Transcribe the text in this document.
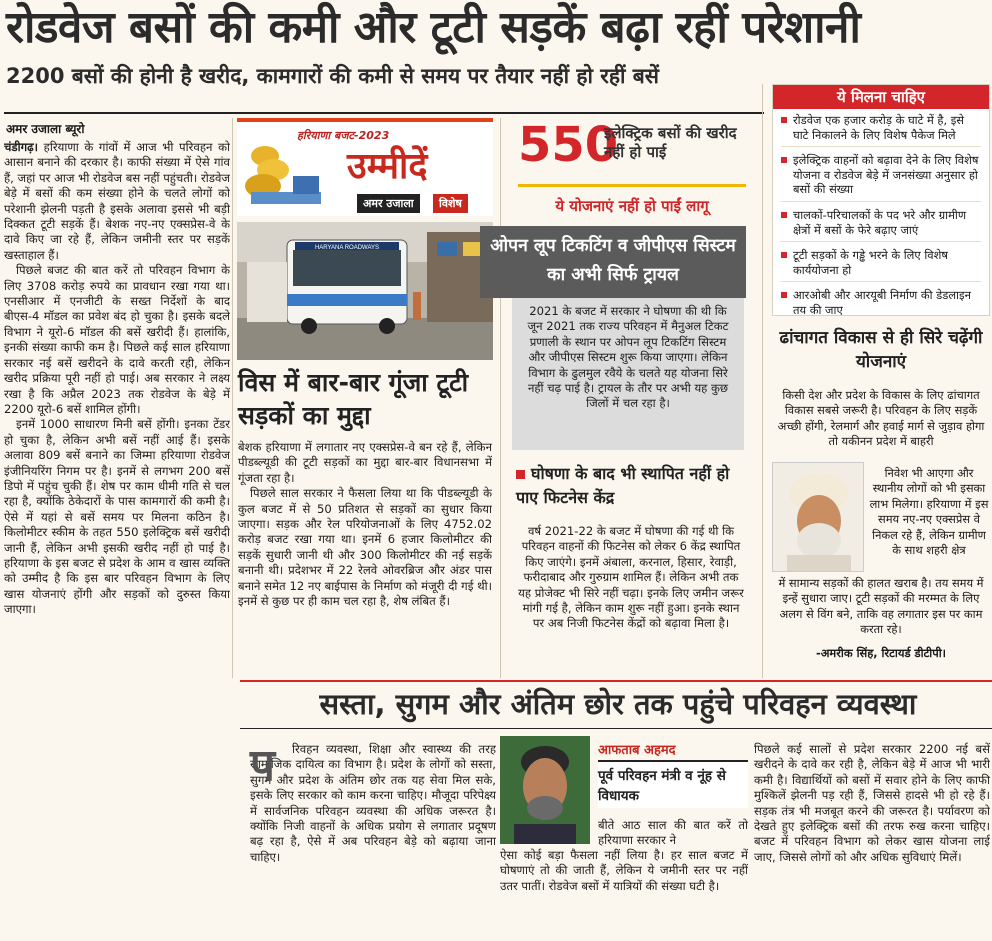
रोडवेज बसों की कमी और टूटी सड़कें बढ़ा रहीं परेशानी
2200 बसों की होनी है खरीद, कामगारों की कमी से समय पर तैयार नहीं हो रहीं बसें
अमर उजाला ब्यूरो

चंडीगढ़। हरियाणा के गांवों में आज भी परिवहन को आसान बनाने की दरकार है। काफी संख्या में ऐसे गांव हैं, जहां पर आज भी रोडवेज बस नहीं पहुंचती। रोडवेज बेड़े में बसों की कम संख्या होने के चलते लोगों को परेशानी झेलनी पड़ती है इसके अलावा इससे भी बड़ी दिक्कत टूटी सड़कें हैं। बेशक नए-नए एक्सप्रेस-वे के दावे किए जा रहे हैं, लेकिन जमीनी स्तर पर सड़कें खस्ताहाल हैं।

पिछले बजट की बात करें तो परिवहन विभाग के लिए 3708 करोड़ रुपये का प्रावधान रखा गया था। एनसीआर में एनजीटी के सख्त निर्देशों के बाद बीएस-4 मॉडल का प्रवेश बंद हो चुका है। इसके बदले विभाग ने यूरो-6 मॉडल की बसें खरीदी हैं। हालांकि, इनकी संख्या काफी कम है। पिछले कई साल हरियाणा सरकार नई बसें खरीदने के दावे करती रही, लेकिन खरीद प्रक्रिया पूरी नहीं हो पाई। अब सरकार ने लक्ष्य रखा है कि अप्रैल 2023 तक रोडवेज के बेड़े में 2200 यूरो-6 बसें शामिल होंगी।

इनमें 1000 साधारण मिनी बसें होंगी। इनका टेंडर हो चुका है, लेकिन अभी बसें नहीं आई हैं। इसके अलावा 809 बसें बनाने का जिम्मा हरियाणा रोडवेज इंजीनियरिंग निगम पर है। इनमें से लगभग 200 बसें डिपो में पहुंच चुकी हैं। शेष पर काम धीमी गति से चल रहा है, क्योंकि ठेकेदारों के पास कामगारों की कमी है। ऐसे में यहां से बसें समय पर मिलना कठिन है। किलोमीटर स्कीम के तहत 550 इलेक्ट्रिक बसें खरीदी जानी हैं, लेकिन अभी इसकी खरीद नहीं हो पाई है। हरियाणा के इस बजट से प्रदेश के आम व खास व्यक्ति को उम्मीद है कि इस बार परिवहन विभाग के लिए खास योजनाएं होंगी और सड़कों को दुरुस्त किया जाएगा।

हरियाणा बजट-2023
उम्मीदें
अमर उजाला	विशेष
HARYANA ROADWAYS
विस में बार-बार गूंजा टूटी सड़कों का मुद्दा

बेशक हरियाणा में लगातार नए एक्सप्रेस-वे बन रहे हैं, लेकिन पीडब्ल्यूडी की टूटी सड़कों का मुद्दा बार-बार विधानसभा में गूंजता रहा है।

पिछले साल सरकार ने फैसला लिया था कि पीडब्ल्यूडी के कुल बजट में से 50 प्रतिशत से सड़कों का सुधार किया जाएगा। सड़क और रेल परियोजनाओं के लिए 4752.02 करोड़ बजट रखा गया था। इनमें 6 हजार किलोमीटर की सड़कें सुधारी जानी थी और 300 किलोमीटर की नई सड़कें बनानी थी। प्रदेशभर में 22 रेलवे ओवरब्रिज और अंडर पास बनाने समेत 12 नए बाईपास के निर्माण को मंजूरी दी गई थी। इनमें से कुछ पर ही काम चल रहा है, शेष लंबित हैं।

550
इलेक्ट्रिक बसों की खरीद नहीं हो पाई
ये योजनाएं नहीं हो पाईं लागू
ओपन लूप टिकटिंग व जीपीएस सिस्टम का अभी सिर्फ ट्रायल
2021 के बजट में सरकार ने घोषणा की थी कि जून 2021 तक राज्य परिवहन में मैनुअल टिकट प्रणाली के स्थान पर ओपन लूप टिकटिंग सिस्टम और जीपीएस सिस्टम शुरू किया जाएगा। लेकिन विभाग के ढुलमुल रवैये के चलते यह योजना सिरे नहीं चढ़ पाई है। ट्रायल के तौर पर अभी यह कुछ जिलों में चल रहा है।
घोषणा के बाद भी स्थापित नहीं हो पाए फिटनेस केंद्र
वर्ष 2021-22 के बजट में घोषणा की गई थी कि परिवहन वाहनों की फिटनेस को लेकर 6 केंद्र स्थापित किए जाएंगे। इनमें अंबाला, करनाल, हिसार, रेवाड़ी, फरीदाबाद और गुरुग्राम शामिल हैं। लेकिन अभी तक यह प्रोजेक्ट भी सिरे नहीं चढ़ा। इनके लिए जमीन जरूर मांगी गई है, लेकिन काम शुरू नहीं हुआ। इनके स्थान पर अब निजी फिटनेस केंद्रों को बढ़ावा मिला है।
ये मिलना चाहिए
रोडवेज एक हजार करोड़ के घाटे में है, इसे घाटे निकालने के लिए विशेष पैकेज मिले
इलेक्ट्रिक वाहनों को बढ़ावा देने के लिए विशेष योजना व रोडवेज बेड़े में जनसंख्या अनुसार हो बसों की संख्या
चालकों-परिचालकों के पद भरे और ग्रामीण क्षेत्रों में बसों के फेरे बढ़ाए जाएं
टूटी सड़कों के गड्ढे भरने के लिए विशेष कार्ययोजना हो
आरओबी और आरयूबी निर्माण की डेडलाइन तय की जाए
ढांचागत विकास से ही सिरे चढ़ेंगी योजनाएं
किसी देश और प्रदेश के विकास के लिए ढांचागत विकास सबसे जरूरी है। परिवहन के लिए सड़कें अच्छी होंगी, रेलमार्ग और हवाई मार्ग से जुड़ाव होगा तो यकीनन प्रदेश में बाहरी
निवेश भी आएगा और स्थानीय लोगों को भी इसका लाभ मिलेगा। हरियाणा में इस समय नए-नए एक्सप्रेस वे निकल रहे हैं, लेकिन ग्रामीण के साथ शहरी क्षेत्र
में सामान्य सड़कों की हालत खराब है। तय समय में इन्हें सुधारा जाए। टूटी सड़कों की मरम्मत के लिए अलग से विंग बने, ताकि वह लगातार इस पर काम करता रहे।
-अमरीक सिंह, रिटायर्ड डीटीपी।
सस्ता, सुगम और अंतिम छोर तक पहुंचे परिवहन व्यवस्था
रिवहन व्यवस्था, शिक्षा और स्वास्थ्य की तरह सामाजिक दायित्व का विभाग है। प्रदेश के लोगों को सस्ता, सुगम और प्रदेश के अंतिम छोर तक यह सेवा मिल सके, इसके लिए सरकार को काम करना चाहिए। मौजूदा परिपेक्ष्य में सार्वजनिक परिवहन व्यवस्था की अधिक जरूरत है। क्योंकि निजी वाहनों के अधिक प्रयोग से लगातार प्रदूषण बढ़ रहा है, ऐसे में अब परिवहन बेड़े को बढ़ाया जाना चाहिए।
प	आफताब अहमद
पूर्व परिवहन मंत्री व नूंह से विधायक
बीते आठ साल की बात करें तो हरियाणा सरकार ने
ऐसा कोई बड़ा फैसला नहीं लिया है। हर साल बजट में घोषणाएं तो की जाती हैं, लेकिन ये जमीनी स्तर पर नहीं उतर पातीं। रोडवेज बसों में यात्रियों की संख्या घटी है।
पिछले कई सालों से प्रदेश सरकार 2200 नई बसें खरीदने के दावे कर रही है, लेकिन बेड़े में आज भी भारी कमी है। विद्यार्थियों को बसों में सवार होने के लिए काफी मुश्किलें झेलनी पड़ रही हैं, जिससे हादसे भी हो रहे हैं। सड़क तंत्र भी मजबूत करने की जरूरत है। पर्यावरण को देखते हुए इलेक्ट्रिक बसों की तरफ रुख करना चाहिए। बजट में परिवहन विभाग को लेकर खास योजना लाई जाए, जिससे लोगों को और अधिक सुविधाएं मिलें।
